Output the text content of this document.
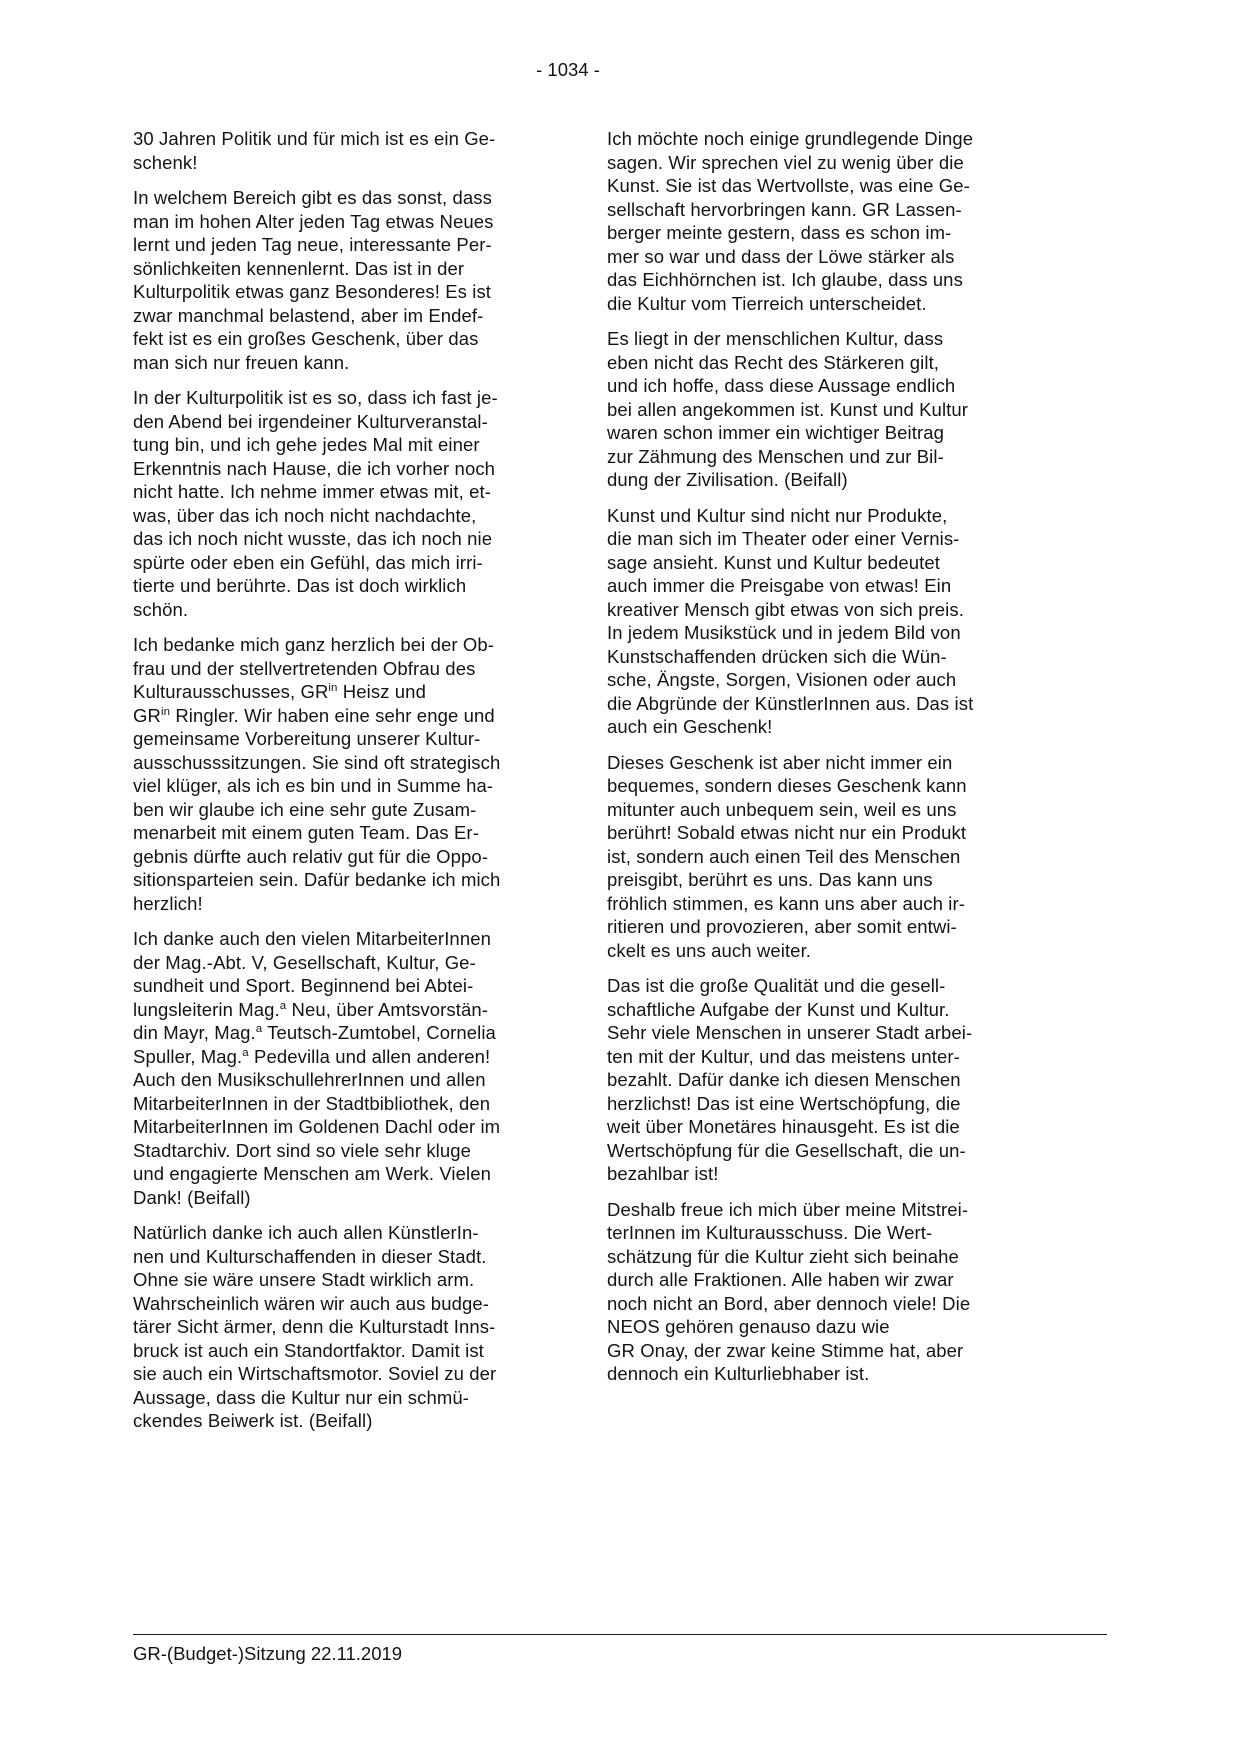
- 1034 -

30 Jahren Politik und für mich ist es ein Ge-
schenk!

In welchem Bereich gibt es das sonst, dass
man im hohen Alter jeden Tag etwas Neues
lernt und jeden Tag neue, interessante Per-
sönlichkeiten kennenlernt. Das ist in der
Kulturpolitik etwas ganz Besonderes! Es ist
zwar manchmal belastend, aber im Endef-
fekt ist es ein großes Geschenk, über das
man sich nur freuen kann.

In der Kulturpolitik ist es so, dass ich fast je-
den Abend bei irgendeiner Kulturveranstal-
tung bin, und ich gehe jedes Mal mit einer
Erkenntnis nach Hause, die ich vorher noch
nicht hatte. Ich nehme immer etwas mit, et-
was, über das ich noch nicht nachdachte,
das ich noch nicht wusste, das ich noch nie
spürte oder eben ein Gefühl, das mich irri-
tierte und berührte. Das ist doch wirklich
schön.

Ich bedanke mich ganz herzlich bei der Ob-
frau und der stellvertretenden Obfrau des
Kulturausschusses, $GR^{in}$ Heisz und
$GR^{in}$ Ringler. Wir haben eine sehr enge und
gemeinsame Vorbereitung unserer Kultur-
ausschusssitzungen. Sie sind oft strategisch
viel klüger, als ich es bin und in Summe ha-
ben wir glaube ich eine sehr gute Zusam-
menarbeit mit einem guten Team. Das Er-
gebnis dürfte auch relativ gut für die Oppo-
sitionsparteien sein. Dafür bedanke ich mich
herzlich!

Ich danke auch den vielen MitarbeiterInnen
der Mag.-Abt. V, Gesellschaft, Kultur, Ge-
sundheit und Sport. Beginnend bei Abtei-
lungsleiterin Mag.$^a$ Neu, über Amtsvorstän-
din Mayr, Mag.$^a$ Teutsch-Zumtobel, Cornelia
Spuller, Mag.$^a$ Pedevilla und allen anderen!
Auch den MusikschullehrerInnen und allen
MitarbeiterInnen in der Stadtbibliothek, den
MitarbeiterInnen im Goldenen Dachl oder im
Stadtarchiv. Dort sind so viele sehr kluge
und engagierte Menschen am Werk. Vielen
Dank! (Beifall)

Natürlich danke ich auch allen KünstlerIn-
nen und Kulturschaffenden in dieser Stadt.
Ohne sie wäre unsere Stadt wirklich arm.
Wahrscheinlich wären wir auch aus budge-
tärer Sicht ärmer, denn die Kulturstadt Inns-
bruck ist auch ein Standortfaktor. Damit ist
sie auch ein Wirtschaftsmotor. Soviel zu der
Aussage, dass die Kultur nur ein schmü-
ckendes Beiwerk ist. (Beifall)

Ich möchte noch einige grundlegende Dinge
sagen. Wir sprechen viel zu wenig über die
Kunst. Sie ist das Wertvollste, was eine Ge-
sellschaft hervorbringen kann. GR Lassen-
berger meinte gestern, dass es schon im-
mer so war und dass der Löwe stärker als
das Eichhörnchen ist. Ich glaube, dass uns
die Kultur vom Tierreich unterscheidet.

Es liegt in der menschlichen Kultur, dass
eben nicht das Recht des Stärkeren gilt,
und ich hoffe, dass diese Aussage endlich
bei allen angekommen ist. Kunst und Kultur
waren schon immer ein wichtiger Beitrag
zur Zähmung des Menschen und zur Bil-
dung der Zivilisation. (Beifall)

Kunst und Kultur sind nicht nur Produkte,
die man sich im Theater oder einer Vernis-
sage ansieht. Kunst und Kultur bedeutet
auch immer die Preisgabe von etwas! Ein
kreativer Mensch gibt etwas von sich preis.
In jedem Musikstück und in jedem Bild von
Kunstschaffenden drücken sich die Wün-
sche, Ängste, Sorgen, Visionen oder auch
die Abgründe der KünstlerInnen aus. Das ist
auch ein Geschenk!

Dieses Geschenk ist aber nicht immer ein
bequemes, sondern dieses Geschenk kann
mitunter auch unbequem sein, weil es uns
berührt! Sobald etwas nicht nur ein Produkt
ist, sondern auch einen Teil des Menschen
preisgibt, berührt es uns. Das kann uns
fröhlich stimmen, es kann uns aber auch ir-
ritieren und provozieren, aber somit entwi-
ckelt es uns auch weiter.

Das ist die große Qualität und die gesell-
schaftliche Aufgabe der Kunst und Kultur.
Sehr viele Menschen in unserer Stadt arbei-
ten mit der Kultur, und das meistens unter-
bezahlt. Dafür danke ich diesen Menschen
herzlichst! Das ist eine Wertschöpfung, die
weit über Monetäres hinausgeht. Es ist die
Wertschöpfung für die Gesellschaft, die un-
bezahlbar ist!

Deshalb freue ich mich über meine Mitstrei-
terInnen im Kulturausschuss. Die Wert-
schätzung für die Kultur zieht sich beinahe
durch alle Fraktionen. Alle haben wir zwar
noch nicht an Bord, aber dennoch viele! Die
NEOS gehören genauso dazu wie
GR Onay, der zwar keine Stimme hat, aber
dennoch ein Kulturliebhaber ist.

GR-(Budget-)Sitzung 22.11.2019
